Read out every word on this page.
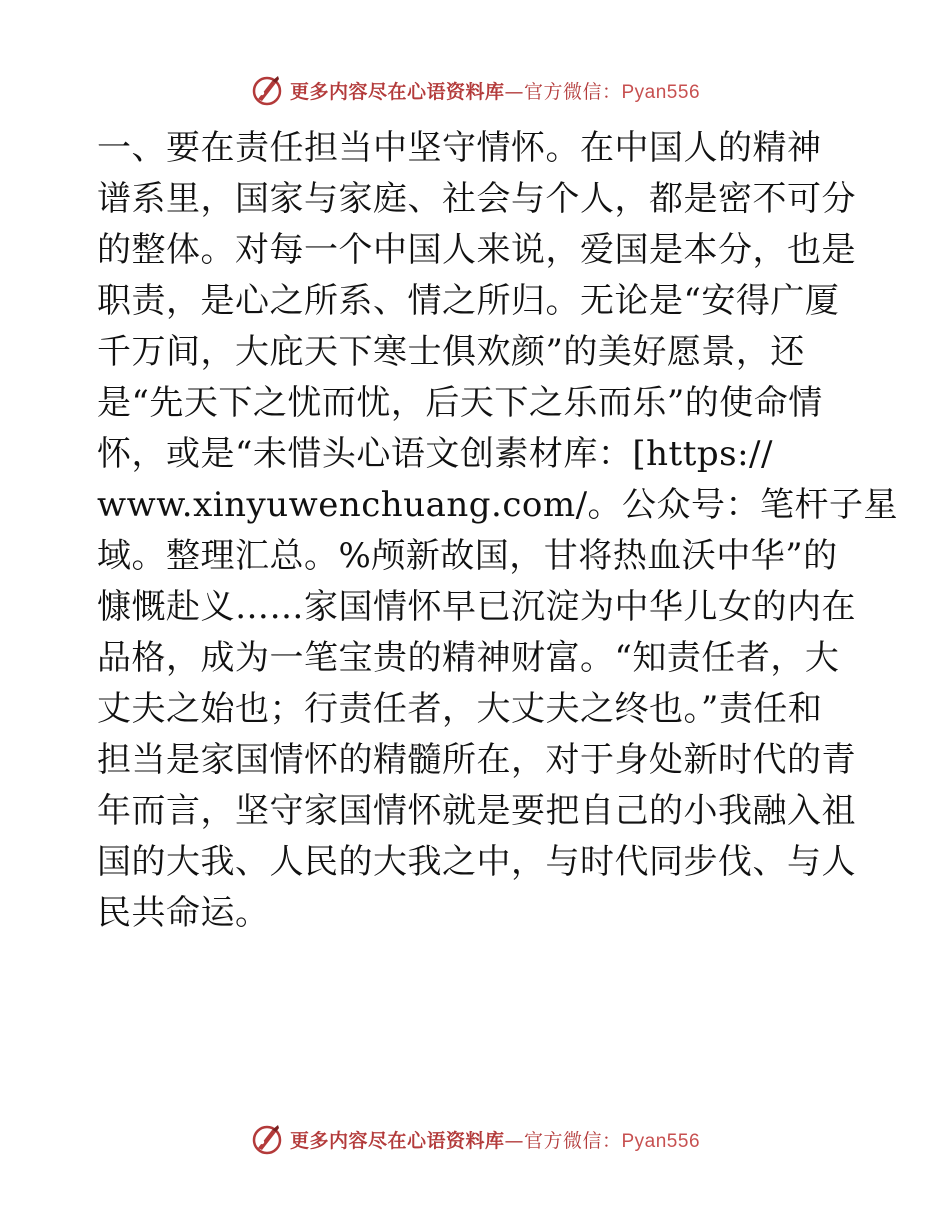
更多内容尽在心语资料库—官方微信：Pyan556
一、要在责任担当中坚守情怀。在中国人的精神
谱系里，国家与家庭、社会与个人，都是密不可分
的整体。对每一个中国人来说，爱国是本分，也是
职责，是心之所系、情之所归。无论是“安得广厦
千万间，大庇天下寒士俱欢颜”的美好愿景，还
是“先天下之忧而忧，后天下之乐而乐”的使命情
怀，或是“未惜头心语文创素材库：[https://
www.xinyuwenchuang.com/。公众号：笔杆子星
域。整理汇总。%颅新故国，甘将热血沃中华”的
慷慨赴义……家国情怀早已沉淀为中华儿女的内在
品格，成为一笔宝贵的精神财富。“知责任者，大
丈夫之始也；行责任者，大丈夫之终也。”责任和
担当是家国情怀的精髓所在，对于身处新时代的青
年而言，坚守家国情怀就是要把自己的小我融入祖
国的大我、人民的大我之中，与时代同步伐、与人
民共命运。
更多内容尽在心语资料库—官方微信：Pyan556
